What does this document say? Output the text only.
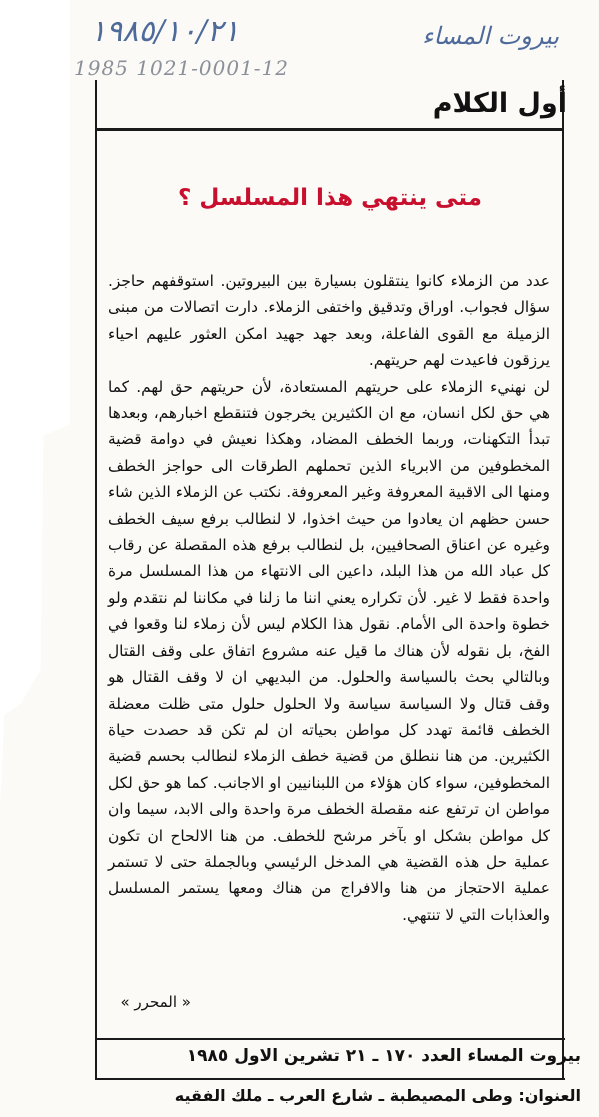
١٩٨٥/١٠/٢١	بيروت المساء
1985 1021-0001-12
أول الكلام
متى ينتهي هذا المسلسل ؟

عدد من الزملاء كانوا ينتقلون بسيارة بين البيروتين. استوقفهم حاجز. سؤال فجواب. اوراق وتدقيق واختفى الزملاء. دارت اتصالات من مبنى الزميلة مع القوى الفاعلة، وبعد جهد جهيد امكن العثور عليهم احياء يرزقون فاعيدت لهم حريتهم.

لن نهنيء الزملاء على حريتهم المستعادة، لأن حريتهم حق لهم. كما هي حق لكل انسان، مع ان الكثيرين يخرجون فتنقطع اخبارهم، وبعدها تبدأ التكهنات، وربما الخطف المضاد، وهكذا نعيش في دوامة قضية المخطوفين من الابرياء الذين تحملهم الطرقات الى حواجز الخطف ومنها الى الاقبية المعروفة وغير المعروفة. نكتب عن الزملاء الذين شاء حسن حظهم ان يعادوا من حيث اخذوا، لا لنطالب برفع سيف الخطف وغيره عن اعناق الصحافيين، بل لنطالب برفع هذه المقصلة عن رقاب كل عباد الله من هذا البلد، داعين الى الانتهاء من هذا المسلسل مرة واحدة فقط لا غير. لأن تكراره يعني اننا ما زلنا في مكاننا لم نتقدم ولو خطوة واحدة الى الأمام. نقول هذا الكلام ليس لأن زملاء لنا وقعوا في الفخ، بل نقوله لأن هناك ما قيل عنه مشروع اتفاق على وقف القتال وبالتالي بحث بالسياسة والحلول. من البديهي ان لا وقف القتال هو وقف قتال ولا السياسة سياسة ولا الحلول حلول متى ظلت معضلة الخطف قائمة تهدد كل مواطن بحياته ان لم تكن قد حصدت حياة الكثيرين. من هنا ننطلق من قضية خطف الزملاء لنطالب بحسم قضية المخطوفين، سواء كان هؤلاء من اللبنانيين او الاجانب. كما هو حق لكل مواطن ان ترتفع عنه مقصلة الخطف مرة واحدة والى الابد، سيما وان كل مواطن بشكل او بآخر مرشح للخطف. من هنا الالحاح ان تكون عملية حل هذه القضية هي المدخل الرئيسي وبالجملة حتى لا تستمر عملية الاحتجاز من هنا والافراج من هناك ومعها يستمر المسلسل والعذابات التي لا تنتهي.

« المحرر »
بيروت المساء العدد ١٧٠ ـ ٢١ تشرين الاول ١٩٨٥
العنوان: وطى المصيطبة ـ شارع العرب ـ ملك الفقيه
